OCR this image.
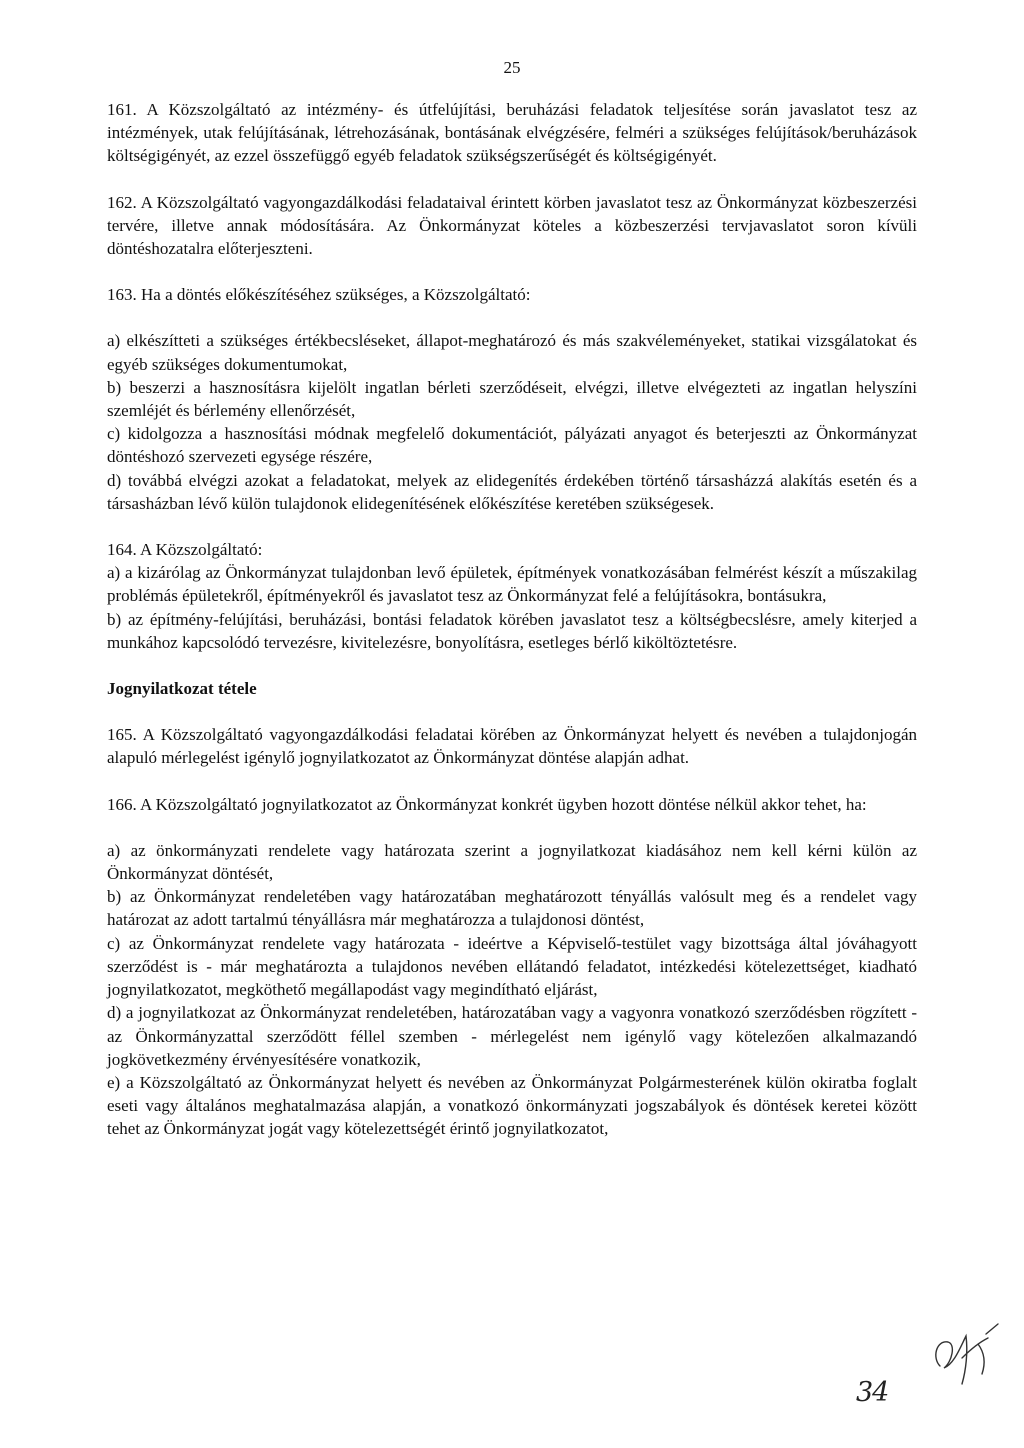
25

161. A Közszolgáltató az intézmény- és útfelújítási, beruházási feladatok teljesítése során javaslatot tesz az intézmények, utak felújításának, létrehozásának, bontásának elvégzésére, felméri a szükséges felújítások/beruházások költségigényét, az ezzel összefüggő egyéb feladatok szükségszerűségét és költségigényét.

162. A Közszolgáltató vagyongazdálkodási feladataival érintett körben javaslatot tesz az Önkormányzat közbeszerzési tervére, illetve annak módosítására. Az Önkormányzat köteles a közbeszerzési tervjavaslatot soron kívüli döntéshozatalra előterjeszteni.

163. Ha a döntés előkészítéséhez szükséges, a Közszolgáltató:

a) elkészítteti a szükséges értékbecsléseket, állapot-meghatározó és más szakvéleményeket, statikai vizsgálatokat és egyéb szükséges dokumentumokat,

b) beszerzi a hasznosításra kijelölt ingatlan bérleti szerződéseit, elvégzi, illetve elvégezteti az ingatlan helyszíni szemléjét és bérlemény ellenőrzését,

c) kidolgozza a hasznosítási módnak megfelelő dokumentációt, pályázati anyagot és beterjeszti az Önkormányzat döntéshozó szervezeti egysége részére,

d) továbbá elvégzi azokat a feladatokat, melyek az elidegenítés érdekében történő társasházzá alakítás esetén és a társasházban lévő külön tulajdonok elidegenítésének előkészítése keretében szükségesek.

164. A Közszolgáltató:

a) a kizárólag az Önkormányzat tulajdonban levő épületek, építmények vonatkozásában felmérést készít a műszakilag problémás épületekről, építményekről és javaslatot tesz az Önkormányzat felé a felújításokra, bontásukra,

b) az építmény-felújítási, beruházási, bontási feladatok körében javaslatot tesz a költségbecslésre, amely kiterjed a munkához kapcsolódó tervezésre, kivitelezésre, bonyolításra, esetleges bérlő kiköltöztetésre.

Jognyilatkozat tétele

165. A Közszolgáltató vagyongazdálkodási feladatai körében az Önkormányzat helyett és nevében a tulajdonjogán alapuló mérlegelést igénylő jognyilatkozatot az Önkormányzat döntése alapján adhat.

166. A Közszolgáltató jognyilatkozatot az Önkormányzat konkrét ügyben hozott döntése nélkül akkor tehet, ha:

a) az önkormányzati rendelete vagy határozata szerint a jognyilatkozat kiadásához nem kell kérni külön az Önkormányzat döntését,

b) az Önkormányzat rendeletében vagy határozatában meghatározott tényállás valósult meg és a rendelet vagy határozat az adott tartalmú tényállásra már meghatározza a tulajdonosi döntést,

c) az Önkormányzat rendelete vagy határozata - ideértve a Képviselő-testület vagy bizottsága által jóváhagyott szerződést is - már meghatározta a tulajdonos nevében ellátandó feladatot, intézkedési kötelezettséget, kiadható jognyilatkozatot, megköthető megállapodást vagy megindítható eljárást,

d) a jognyilatkozat az Önkormányzat rendeletében, határozatában vagy a vagyonra vonatkozó szerződésben rögzített - az Önkormányzattal szerződött féllel szemben - mérlegelést nem igénylő vagy kötelezően alkalmazandó jogkövetkezmény érvényesítésére vonatkozik,

e) a Közszolgáltató az Önkormányzat helyett és nevében az Önkormányzat Polgármesterének külön okiratba foglalt eseti vagy általános meghatalmazása alapján, a vonatkozó önkormányzati jogszabályok és döntések keretei között tehet az Önkormányzat jogát vagy kötelezettségét érintő jognyilatkozatot,

34
